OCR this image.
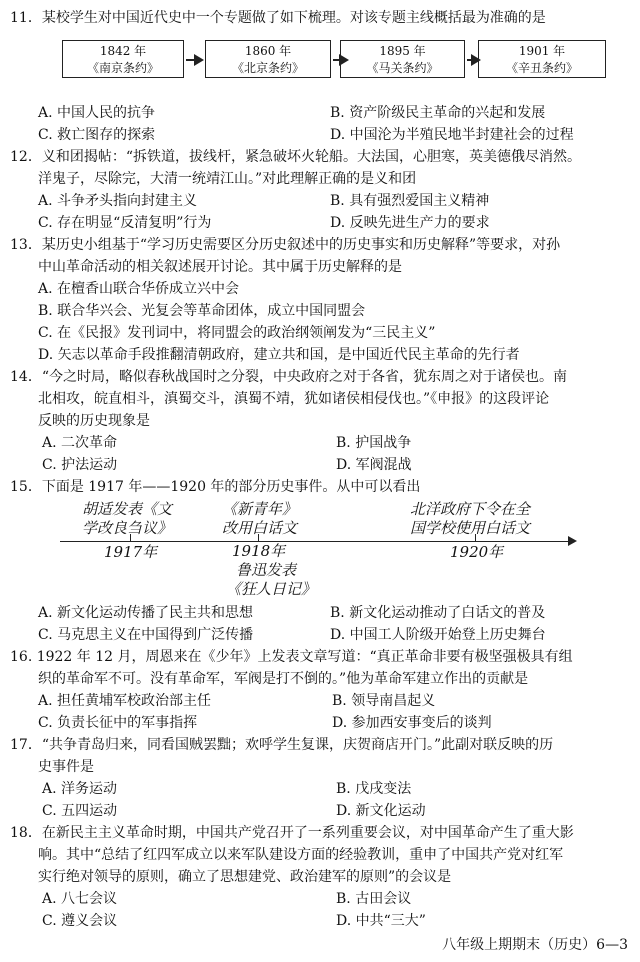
11．某校学生对中国近代史中一个专题做了如下梳理。对该专题主线概括最为准确的是
1842 年
《南京条约》
1860 年
《北京条约》
1895 年
《马关条约》
1901 年
《辛丑条约》
A. 中国人民的抗争	B. 资产阶级民主革命的兴起和发展
C. 救亡图存的探索	D. 中国沦为半殖民地半封建社会的过程
12．义和团揭帖：“拆铁道，拔线杆，紧急破坏火轮船。大法国，心胆寒，英美德俄尽消然。
洋鬼子，尽除完，大清一统靖江山。”对此理解正确的是义和团
A. 斗争矛头指向封建主义	B. 具有强烈爱国主义精神
C. 存在明显“反清复明”行为	D. 反映先进生产力的要求
13．某历史小组基于“学习历史需要区分历史叙述中的历史事实和历史解释”等要求，对孙
中山革命活动的相关叙述展开讨论。其中属于历史解释的是
A. 在檀香山联合华侨成立兴中会
B. 联合华兴会、光复会等革命团体，成立中国同盟会
C. 在《民报》发刊词中，将同盟会的政治纲领阐发为“三民主义”
D. 矢志以革命手段推翻清朝政府，建立共和国，是中国近代民主革命的先行者
14．“今之时局，略似春秋战国时之分裂，中央政府之对于各省，犹东周之对于诸侯也。南
北相攻，皖直相斗，滇蜀交斗，滇蜀不靖，犹如诸侯相侵伐也。”《申报》的这段评论
反映的历史现象是
A. 二次革命	B. 护国战争
C. 护法运动	D. 军阀混战
15．下面是 1917 年——1920 年的部分历史事件。从中可以看出
胡适发表《文
学改良刍议》
《新青年》
改用白话文
北洋政府下令在全
国学校使用白话文
1917年	1918年
鲁迅发表
《狂人日记》
1920年
A. 新文化运动传播了民主共和思想	B. 新文化运动推动了白话文的普及
C. 马克思主义在中国得到广泛传播	D. 中国工人阶级开始登上历史舞台
16. 1922 年 12 月，周恩来在《少年》上发表文章写道：“真正革命非要有极坚强极具有组
织的革命军不可。没有革命军，军阀是打不倒的。”他为革命军建立作出的贡献是
A. 担任黄埔军校政治部主任	B. 领导南昌起义
C. 负责长征中的军事指挥	D. 参加西安事变后的谈判
17．“共争青岛归来，同看国贼罢黜；欢呼学生复课，庆贺商店开门。”此副对联反映的历
史事件是
A. 洋务运动	B. 戊戌变法
C. 五四运动	D. 新文化运动
18．在新民主主义革命时期，中国共产党召开了一系列重要会议，对中国革命产生了重大影
响。其中“总结了红四军成立以来军队建设方面的经验教训，重申了中国共产党对红军
实行绝对领导的原则，确立了思想建党、政治建军的原则”的会议是
A. 八七会议	B. 古田会议
C. 遵义会议	D. 中共“三大”
八年级上期期末（历史）6—3
